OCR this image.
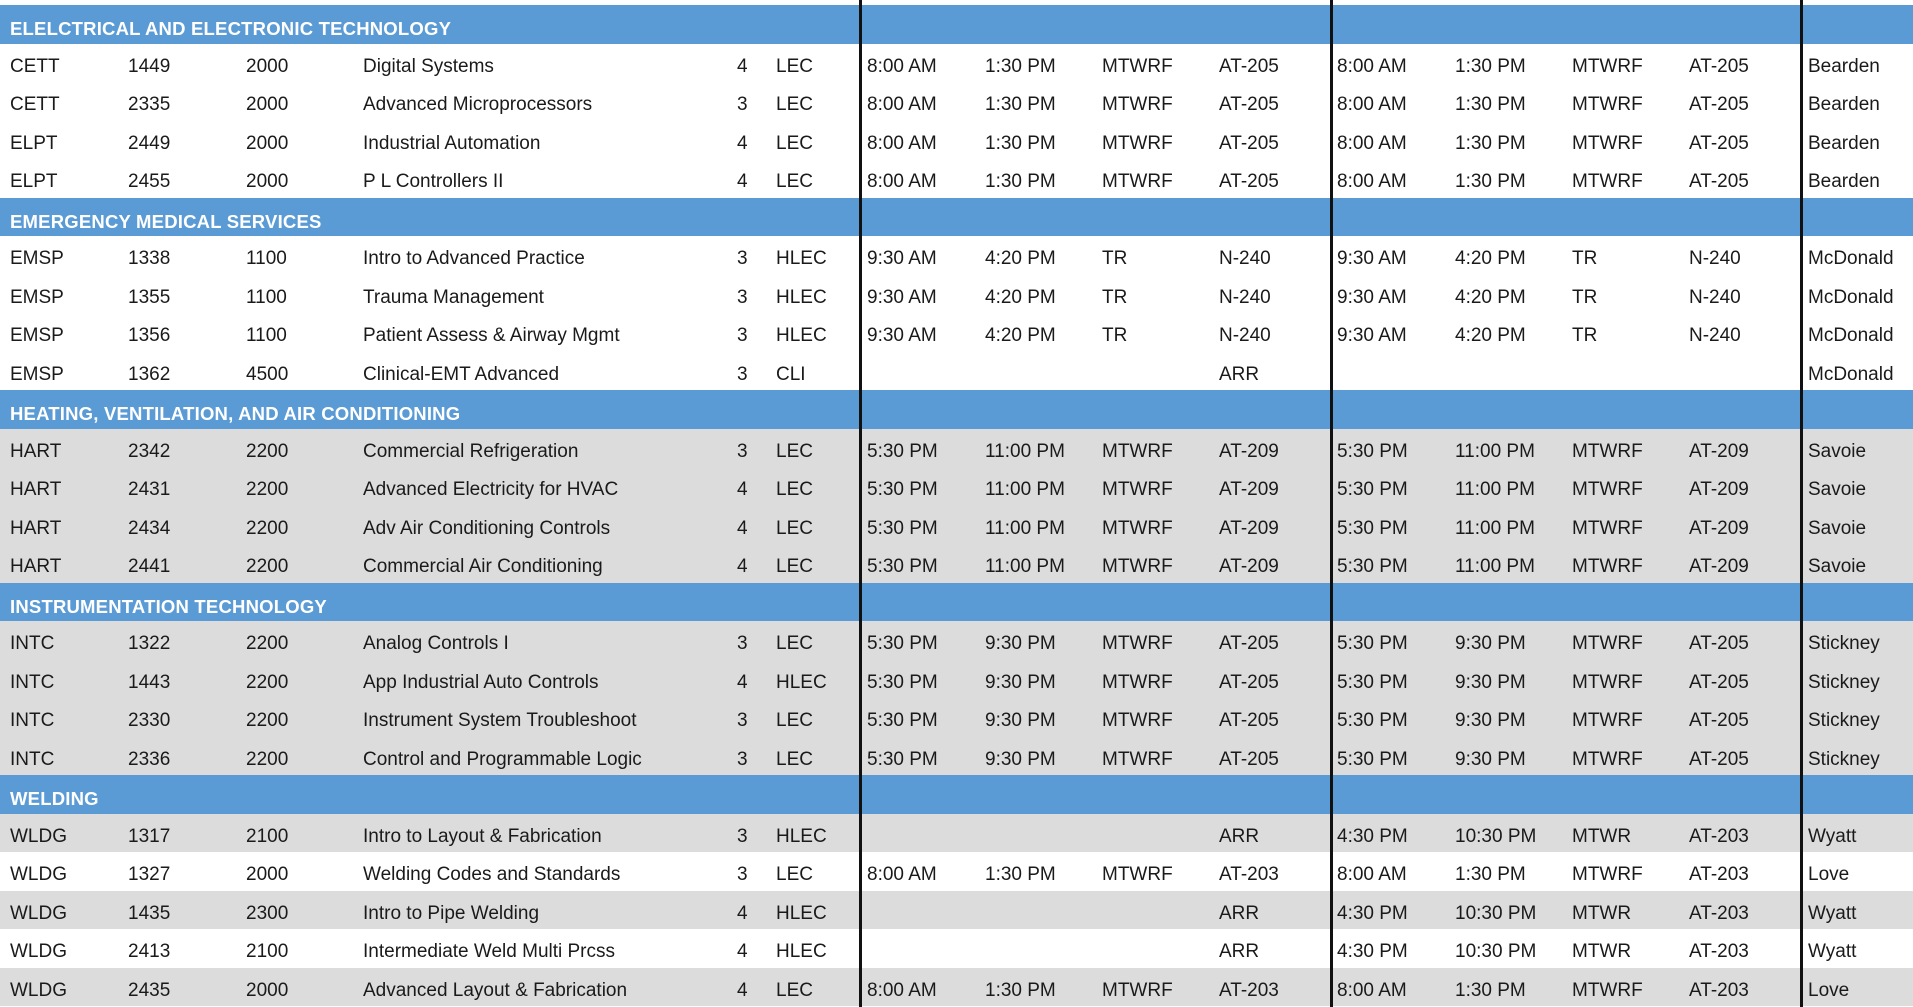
ELELCTRICAL AND ELECTRONIC TECHNOLOGY
CETT	1449	2000	Digital Systems	4 LEC	8:00 AM	1:30 PM MTWRF AT-205	8:00 AM	1:30 PM MTWRF AT-205	Bearden
CETT	2335	2000	Advanced Microprocessors	3 LEC	8:00 AM	1:30 PM MTWRF AT-205	8:00 AM	1:30 PM MTWRF AT-205	Bearden
ELPT	2449	2000	Industrial Automation	4 LEC	8:00 AM	1:30 PM MTWRF AT-205	8:00 AM	1:30 PM MTWRF AT-205	Bearden
ELPT	2455	2000	P L Controllers II	4 LEC	8:00 AM	1:30 PM MTWRF AT-205	8:00 AM	1:30 PM MTWRF AT-205	Bearden
EMERGENCY MEDICAL SERVICES
EMSP	1338	1100	Intro to Advanced Practice	3 HLEC 9:30 AM	4:20 PM TR	N-240	9:30 AM	4:20 PM TR	N-240	McDonald
EMSP	1355	1100	Trauma Management	3 HLEC 9:30 AM	4:20 PM TR	N-240	9:30 AM	4:20 PM TR	N-240	McDonald
EMSP	1356	1100	Patient Assess & Airway Mgmt	3 HLEC 9:30 AM	4:20 PM TR	N-240	9:30 AM	4:20 PM TR	N-240	McDonald
EMSP	1362	4500	Clinical-EMT Advanced	3 CLI	ARR	McDonald
HEATING, VENTILATION, AND AIR CONDITIONING
HART	2342	2200	Commercial Refrigeration	3 LEC	5:30 PM 11:00 PM MTWRF AT-209	5:30 PM 11:00 PM MTWRF AT-209	Savoie
HART	2431	2200	Advanced Electricity for HVAC	4 LEC	5:30 PM 11:00 PM MTWRF AT-209	5:30 PM 11:00 PM MTWRF AT-209	Savoie
HART	2434	2200	Adv Air Conditioning Controls	4 LEC	5:30 PM 11:00 PM MTWRF AT-209	5:30 PM 11:00 PM MTWRF AT-209	Savoie
HART	2441	2200	Commercial Air Conditioning	4 LEC	5:30 PM 11:00 PM MTWRF AT-209	5:30 PM 11:00 PM MTWRF AT-209	Savoie
INSTRUMENTATION TECHNOLOGY
INTC	1322	2200	Analog Controls I	3 LEC	5:30 PM 9:30 PM MTWRF AT-205	5:30 PM 9:30 PM MTWRF AT-205	Stickney
INTC	1443	2200	App Industrial Auto Controls	4 HLEC 5:30 PM 9:30 PM MTWRF AT-205	5:30 PM 9:30 PM MTWRF AT-205	Stickney
INTC	2330	2200	Instrument System Troubleshoot	3 LEC	5:30 PM 9:30 PM MTWRF AT-205	5:30 PM 9:30 PM MTWRF AT-205	Stickney
INTC	2336	2200	Control and Programmable Logic	3 LEC	5:30 PM 9:30 PM MTWRF AT-205	5:30 PM 9:30 PM MTWRF AT-205	Stickney
WELDING
WLDG	1317	2100	Intro to Layout & Fabrication	3 HLEC	ARR	4:30 PM 10:30 PM MTWR	AT-203	Wyatt
WLDG	1327	2000	Welding Codes and Standards	3 LEC	8:00 AM	1:30 PM MTWRF AT-203	8:00 AM	1:30 PM MTWRF AT-203	Love
WLDG	1435	2300	Intro to Pipe Welding	4 HLEC	ARR	4:30 PM 10:30 PM MTWR	AT-203	Wyatt
WLDG	2413	2100	Intermediate Weld Multi Prcss	4 HLEC	ARR	4:30 PM 10:30 PM MTWR	AT-203	Wyatt
WLDG	2435	2000	Advanced Layout & Fabrication	4 LEC	8:00 AM	1:30 PM MTWRF AT-203	8:00 AM	1:30 PM MTWRF AT-203	Love
